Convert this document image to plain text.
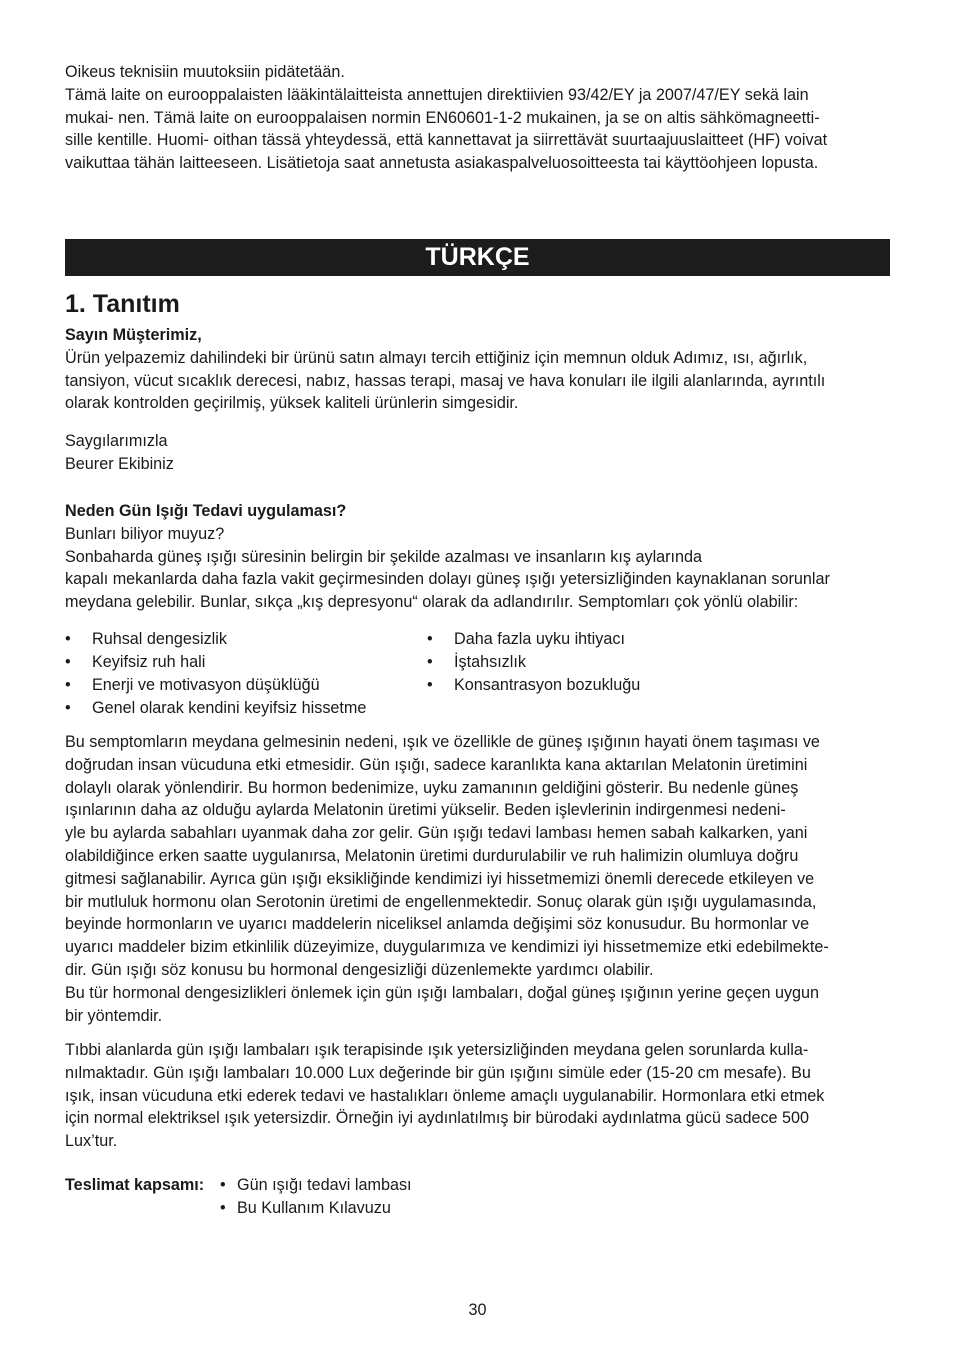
Oikeus teknisiin muutoksiin pidätetään.

Tämä laite on eurooppalaisten lääkintälaitteista annettujen direktiivien 93/42/EY ja 2007/47/EY sekä lain

mukai- nen. Tämä laite on eurooppalaisen normin EN60601-1-2 mukainen, ja se on altis sähkömagneetti-

sille kentille. Huomi- oithan tässä yhteydessä, että kannettavat ja siirrettävät suurtaajuuslaitteet (HF) voivat

vaikuttaa tähän laitteeseen. Lisätietoja saat annetusta asiakaspalveluosoitteesta tai käyttöohjeen lopusta.

TÜRKÇE
1. Tanıtım

Sayın Müşterimiz,

Ürün yelpazemiz dahilindeki bir ürünü satın almayı tercih ettiğiniz için memnun olduk Adımız, ısı, ağırlık,

tansiyon, vücut sıcaklık derecesi, nabız, hassas terapi, masaj ve hava konuları ile ilgili alanlarında, ayrıntılı

olarak kontrolden geçirilmiş, yüksek kaliteli ürünlerin simgesidir.

Saygılarımızla

Beurer Ekibiniz

Neden Gün Işığı Tedavi uygulaması?

Bunları biliyor muyuz?

Sonbaharda güneş ışığı süresinin belirgin bir şekilde azalması ve insanların kış aylarında

kapalı mekanlarda daha fazla vakit geçirmesinden dolayı güneş ışığı yetersizliğinden kaynaklanan sorunlar

meydana gelebilir. Bunlar, sıkça „kış depresyonu“ olarak da adlandırılır. Semptomları çok yönlü olabilir:

• Ruhsal dengesizlik
• Keyifsiz ruh hali
• Enerji ve motivasyon düşüklüğü
• Genel olarak kendini keyifsiz hissetme
• Daha fazla uyku ihtiyacı
• İştahsızlık
• Konsantrasyon bozukluğu

Bu semptomların meydana gelmesinin nedeni, ışık ve özellikle de güneş ışığının hayati önem taşıması ve

doğrudan insan vücuduna etki etmesidir. Gün ışığı, sadece karanlıkta kana aktarılan Melatonin üretimini

dolaylı olarak yönlendirir. Bu hormon bedenimize, uyku zamanının geldiğini gösterir. Bu nedenle güneş

ışınlarının daha az olduğu aylarda Melatonin üretimi yükselir. Beden işlevlerinin indirgenmesi nedeni-

yle bu aylarda sabahları uyanmak daha zor gelir. Gün ışığı tedavi lambası hemen sabah kalkarken, yani

olabildiğince erken saatte uygulanırsa, Melatonin üretimi durdurulabilir ve ruh halimizin olumluya doğru

gitmesi sağlanabilir. Ayrıca gün ışığı eksikliğinde kendimizi iyi hissetmemizi önemli derecede etkileyen ve

bir mutluluk hormonu olan Serotonin üretimi de engellenmektedir. Sonuç olarak gün ışığı uygulamasında,

beyinde hormonların ve uyarıcı maddelerin niceliksel anlamda değişimi söz konusudur. Bu hormonlar ve

uyarıcı maddeler bizim etkinlilik düzeyimize, duygularımıza ve kendimizi iyi hissetmemize etki edebilmekte-

dir. Gün ışığı söz konusu bu hormonal dengesizliği düzenlemekte yardımcı olabilir.

Bu tür hormonal dengesizlikleri önlemek için gün ışığı lambaları, doğal güneş ışığının yerine geçen uygun

bir yöntemdir.

Tıbbi alanlarda gün ışığı lambaları ışık terapisinde ışık yetersizliğinden meydana gelen sorunlarda kulla-

nılmaktadır. Gün ışığı lambaları 10.000 Lux değerinde bir gün ışığını simüle eder (15-20 cm mesafe). Bu

ışık, insan vücuduna etki ederek tedavi ve hastalıkları önleme amaçlı uygulanabilir. Hormonlara etki etmek

için normal elektriksel ışık yetersizdir. Örneğin iyi aydınlatılmış bir bürodaki aydınlatma gücü sadece 500

Lux’tur.

Teslimat kapsamı: • Gün ışığı tedavi lambası
• Bu Kullanım Kılavuzu
30
